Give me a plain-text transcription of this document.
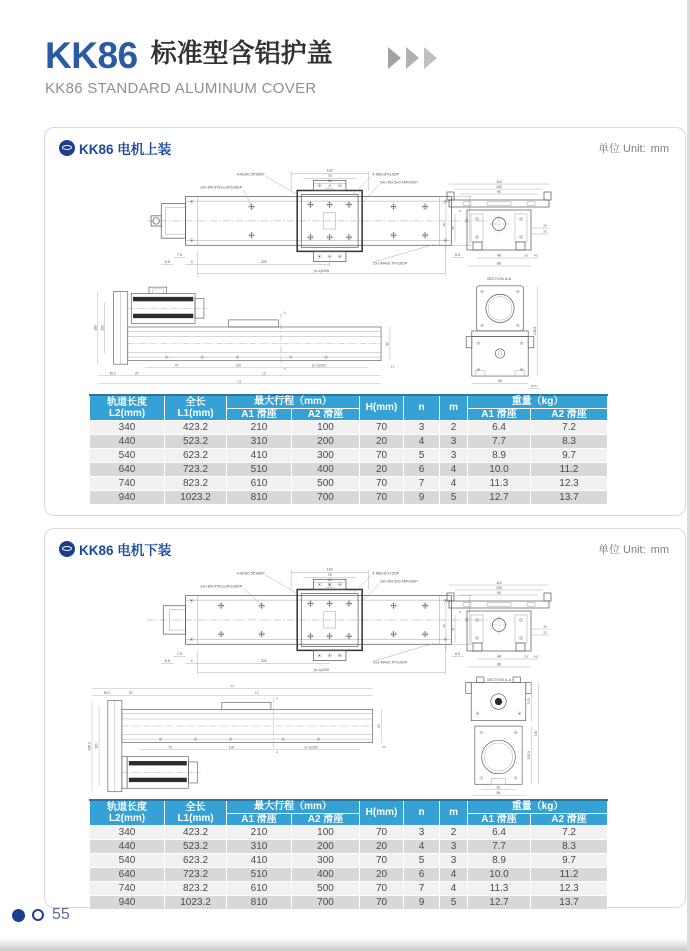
KK86 标准型含铝护盖
KK86 STANDARD ALUMINUM COVER
KK86 电机上装	单位 Unit: mm
118
75
46
8
4-M3x0.5Px6DP	4-M6x1Px12DP
5xn-M2.5x0.45Px6DP
2xn-Ø4.07thru,Ø11x6DP
2x2-M4x0.7Px10DP
7.5
6.5	4	200
(n-1)x200
6.5
74
112
100
90
48
31
5
30
25
48	20 4.5
86
SECTION A-A
A
A
180 100
60
3.5
70	100	(n-1)x100
50.2	20	L2
L1
108.5
86
10.5
轨道长度
L2(mm)	全长
L1(mm)	最大行程（mm）		H(mm)	n	m	重量（kg）	
		A1 滑座	A2 滑座				A1 滑座	A2 滑座
340	423.2	210	100	70	3	2	6.4	7.2
440	523.2	310	200	20	4	3	7.7	8.3
540	623.2	410	300	70	5	3	8.9	9.7
640	723.2	510	400	20	6	4	10.0	11.2
740	823.2	610	500	70	7	4	11.3	12.3
940	1023.2	810	700	70	9	5	12.7	13.7
KK86 电机下装	单位 Unit: mm
118
75
46
8
4-M3x0.5Px6DP	4-M6x1Px12DP
5xn-M2.5x0.45Px6DP
2xn-Ø4.07thru,Ø11x6DP
2x2-M4x0.7Px10DP
7.5
6.5	4	200
(n-1)x200
6.5
74
112
100
90
48
31
5
30
25
48	20 4.5
86
SECTION A-A
L1
50.2	20	L2
A
A
70	100	(n-1)x100
185.2 100
60
3.5
74.5
105.5
180
62
86
轨道长度
L2(mm)	全长
L1(mm)	最大行程（mm）		H(mm)	n	m	重量（kg）	
		A1 滑座	A2 滑座				A1 滑座	A2 滑座
340	423.2	210	100	70	3	2	6.4	7.2
440	523.2	310	200	20	4	3	7.7	8.3
540	623.2	410	300	70	5	3	8.9	9.7
640	723.2	510	400	20	6	4	10.0	11.2
740	823.2	610	500	70	7	4	11.3	12.3
940	1023.2	810	700	70	9	5	12.7	13.7
55
